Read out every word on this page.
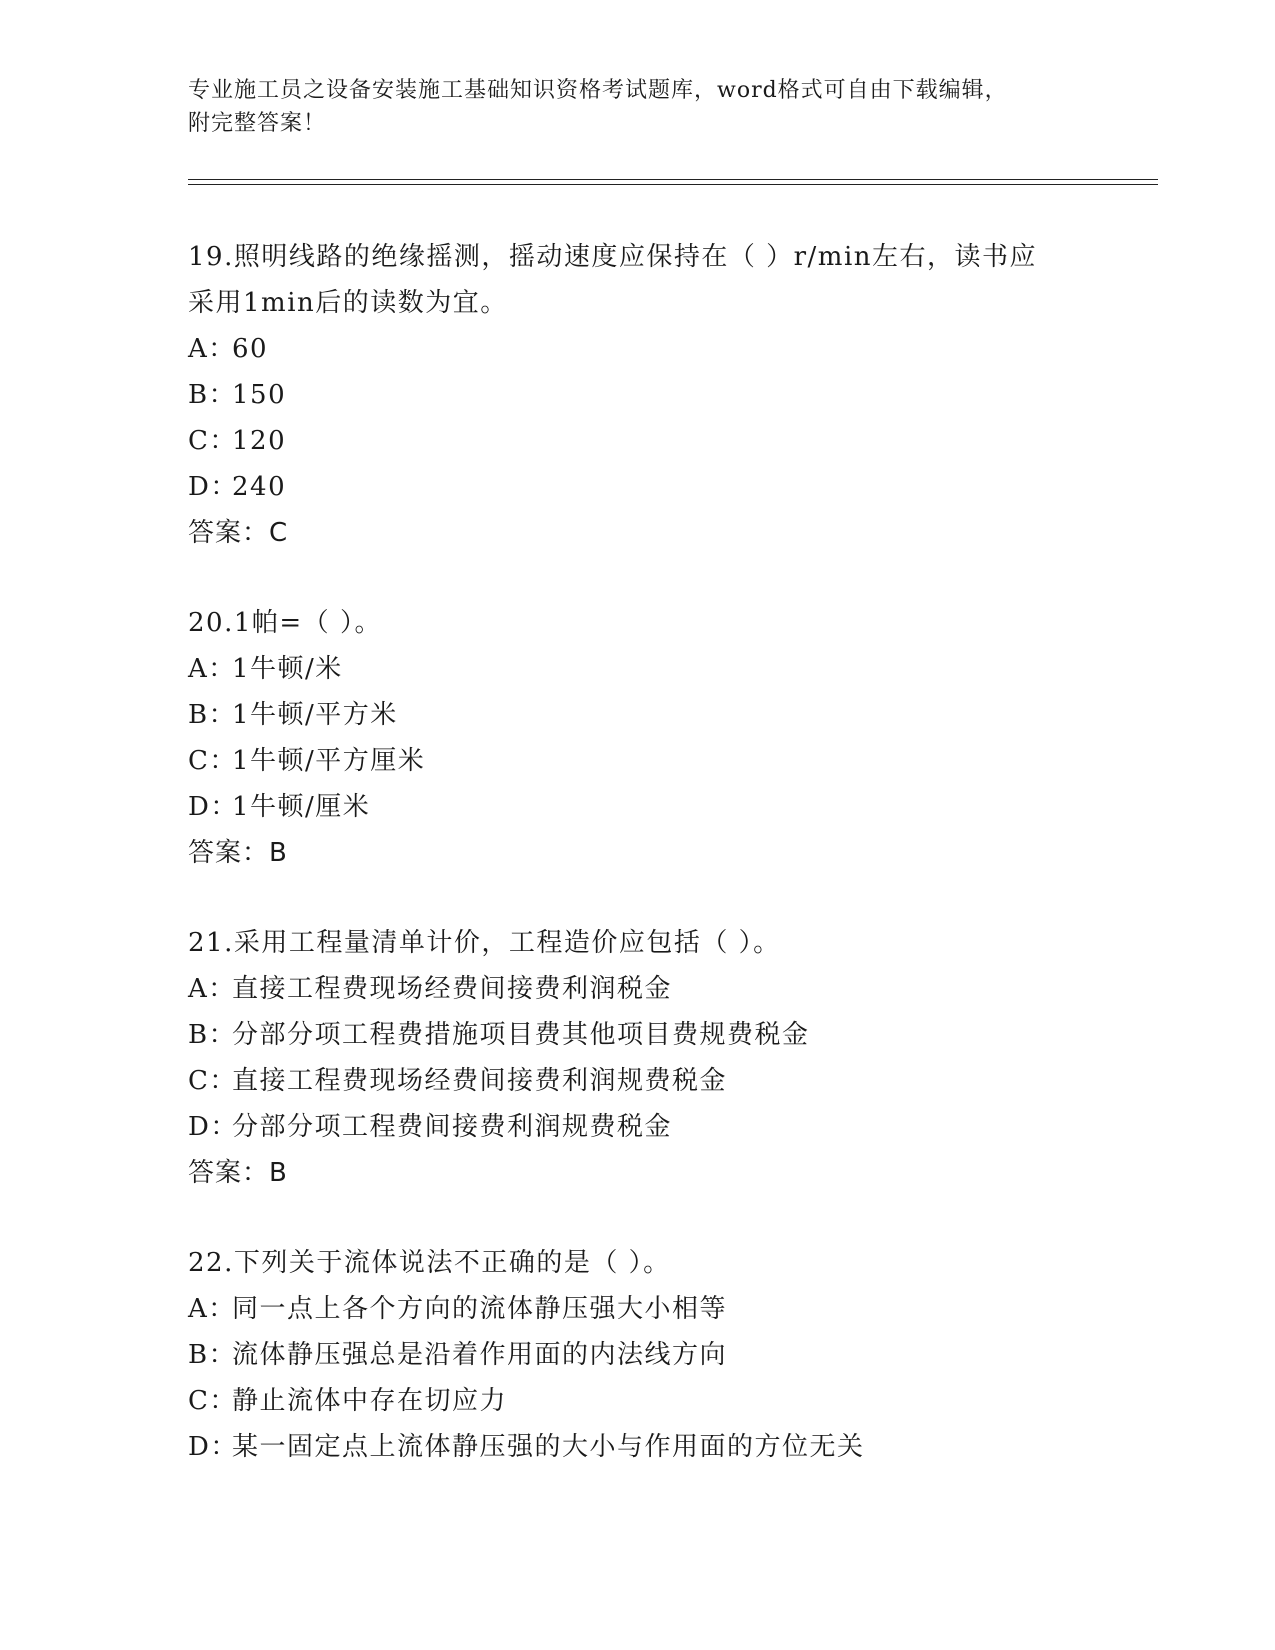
专业施工员之设备安装施工基础知识资格考试题库，word格式可自由下载编辑，
附完整答案！
19.照明线路的绝缘摇测，摇动速度应保持在（ ）r/min左右，读书应
采用1min后的读数为宜。
A：60
B：150
C：120
D：240
答案：C
20.1帕=（ ）。
A：1牛顿/米
B：1牛顿/平方米
C：1牛顿/平方厘米
D：1牛顿/厘米
答案：B
21.采用工程量清单计价，工程造价应包括（ ）。
A：直接工程费现场经费间接费利润税金
B：分部分项工程费措施项目费其他项目费规费税金
C：直接工程费现场经费间接费利润规费税金
D：分部分项工程费间接费利润规费税金
答案：B
22.下列关于流体说法不正确的是（ ）。
A：同一点上各个方向的流体静压强大小相等
B：流体静压强总是沿着作用面的内法线方向
C：静止流体中存在切应力
D：某一固定点上流体静压强的大小与作用面的方位无关
